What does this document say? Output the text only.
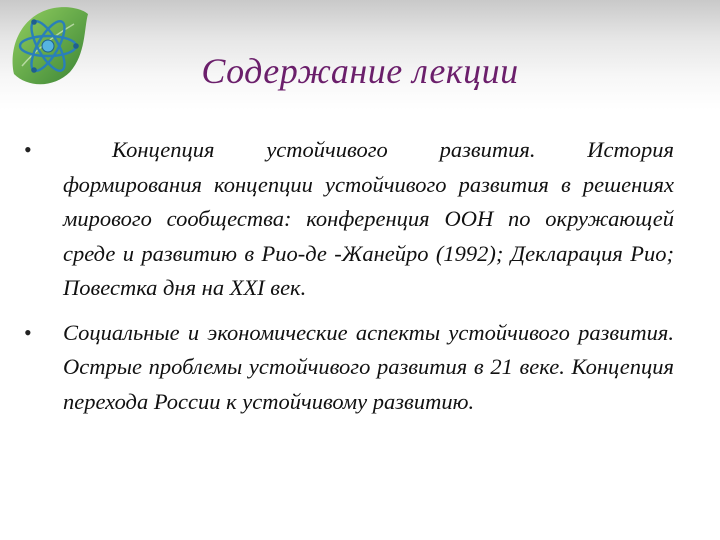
Содержание лекции
•	Концепция устойчивого развития. История формирования концепции устойчивого развития в решениях мирового сообщества: конференция ООН по окружающей среде и развитию в Рио-де -Жанейро (1992); Декларация Рио; Повестка дня на XXI век.
• Социальные и экономические аспекты устойчивого развития. Острые проблемы устойчивого развития в 21 веке. Концепция перехода России к устойчивому развитию.
